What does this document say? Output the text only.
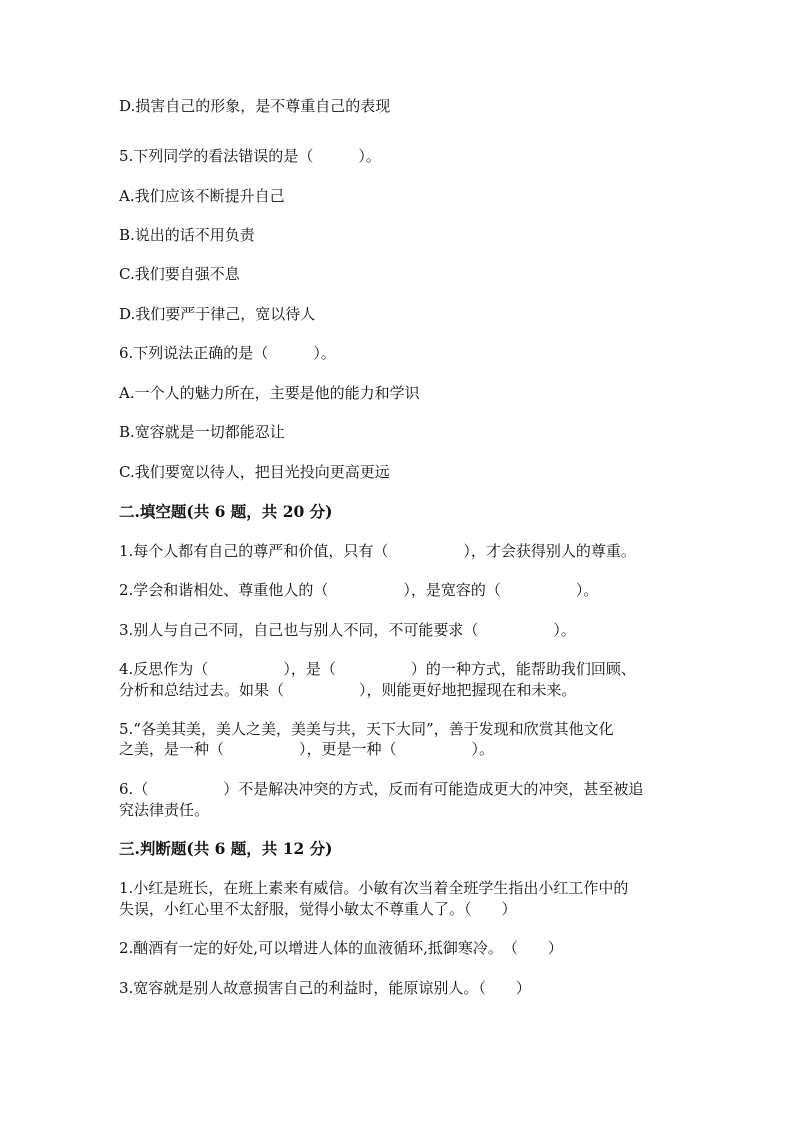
D.损害自己的形象，是不尊重自己的表现
5.下列同学的看法错误的是（　　　）。
A.我们应该不断提升自己
B.说出的话不用负责
C.我们要自强不息
D.我们要严于律己，宽以待人
6.下列说法正确的是（　　　）。
A.一个人的魅力所在，主要是他的能力和学识
B.宽容就是一切都能忍让
C.我们要宽以待人，把目光投向更高更远
二.填空题(共 6 题，共 20 分)
1.每个人都有自己的尊严和价值，只有（　　　　　），才会获得别人的尊重。
2.学会和谐相处、尊重他人的（　　　　　），是宽容的（　　　　　）。
3.别人与自己不同，自己也与别人不同，不可能要求（　　　　　）。
4.反思作为（　　　　　），是（　　　　　）的一种方式，能帮助我们回顾、
分析和总结过去。如果（　　　　　），则能更好地把握现在和未来。
5.“各美其美，美人之美，美美与共，天下大同”，善于发现和欣赏其他文化
之美，是一种（　　　　　），更是一种（　　　　　）。
6.（　　　　　）不是解决冲突的方式，反而有可能造成更大的冲突，甚至被追
究法律责任。
三.判断题(共 6 题，共 12 分)
1.小红是班长，在班上素来有威信。小敏有次当着全班学生指出小红工作中的
失误，小红心里不太舒服，觉得小敏太不尊重人了。（　　）
2.酗酒有一定的好处,可以增进人体的血液循环,抵御寒冷。　（　　）
3.宽容就是别人故意损害自己的利益时，能原谅别人。（　　）
